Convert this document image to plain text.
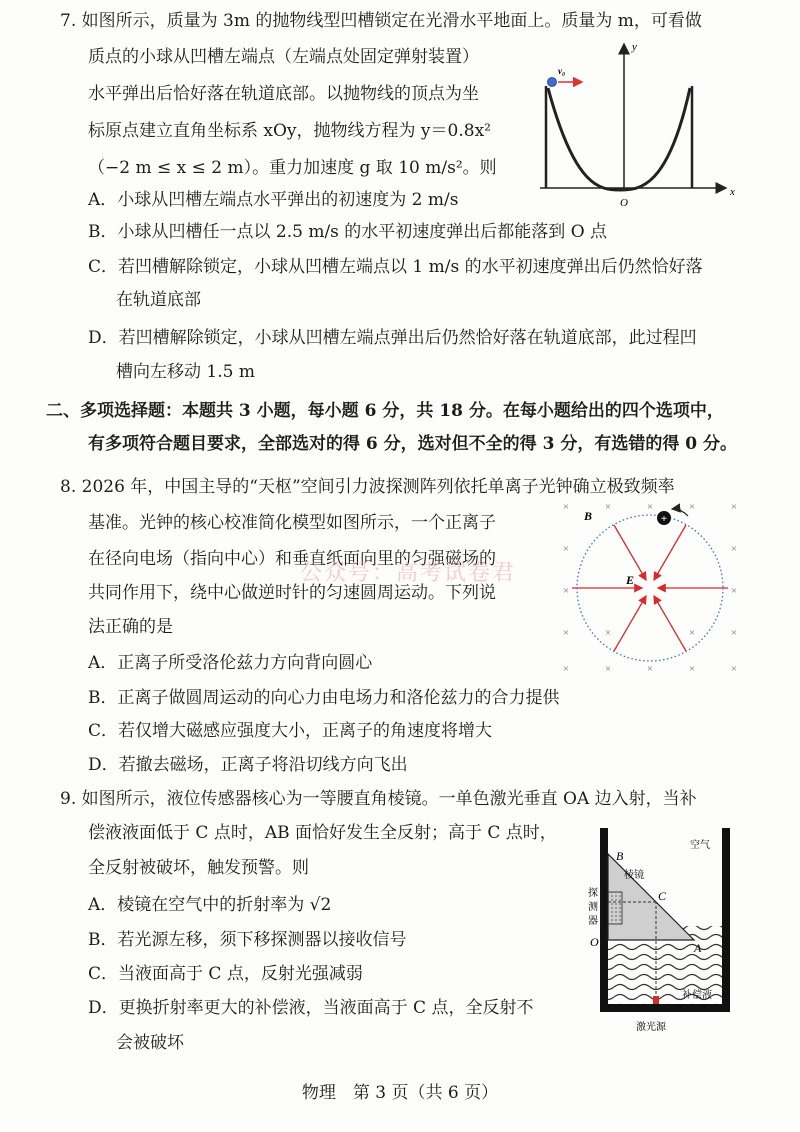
7. 如图所示，质量为 3m 的抛物线型凹槽锁定在光滑水平地面上。质量为 m，可看做
质点的小球从凹槽左端点（左端点处固定弹射装置）
水平弹出后恰好落在轨道底部。以抛物线的顶点为坐
标原点建立直角坐标系 xOy，抛物线方程为 y＝0.8x²
（−2 m ≤ x ≤ 2 m）。重力加速度 g 取 10 m/s²。则
A．小球从凹槽左端点水平弹出的初速度为 2 m/s
B．小球从凹槽任一点以 2.5 m/s 的水平初速度弹出后都能落到 O 点
C．若凹槽解除锁定，小球从凹槽左端点以 1 m/s 的水平初速度弹出后仍然恰好落
在轨道底部
D．若凹槽解除锁定，小球从凹槽左端点弹出后仍然恰好落在轨道底部，此过程凹
槽向左移动 1.5 m
y
x
O
v₀
二、多项选择题：本题共 3 小题，每小题 6 分，共 18 分。在每小题给出的四个选项中，
有多项符合题目要求，全部选对的得 6 分，选对但不全的得 3 分，有选错的得 0 分。
8. 2026 年，中国主导的“天枢”空间引力波探测阵列依托单离子光钟确立极致频率
基准。光钟的核心校准简化模型如图所示，一个正离子
在径向电场（指向中心）和垂直纸面向里的匀强磁场的
共同作用下，绕中心做逆时针的匀速圆周运动。下列说
法正确的是
A．正离子所受洛伦兹力方向背向圆心
B．正离子做圆周运动的向心力由电场力和洛伦兹力的合力提供
C．若仅增大磁感应强度大小，正离子的角速度将增大
D．若撤去磁场，正离子将沿切线方向飞出
×	×	×	×	×
×	×
×	×
×	×	×	×
×	×	×	×	×
+
B
E
公众号：高考试卷君
9. 如图所示，液位传感器核心为一等腰直角棱镜。一单色激光垂直 OA 边入射，当补
偿液液面低于 C 点时，AB 面恰好发生全反射；高于 C 点时，
全反射被破坏，触发预警。则
A．棱镜在空气中的折射率为 √2
B．若光源左移，须下移探测器以接收信号
C．当液面高于 C 点，反射光强减弱
D．更换折射率更大的补偿液，当液面高于 C 点，全反射不
会被破坏
空气
棱镜
B
C
O	A
探
测
器
补偿液
激光源
物理　第 3 页（共 6 页）
